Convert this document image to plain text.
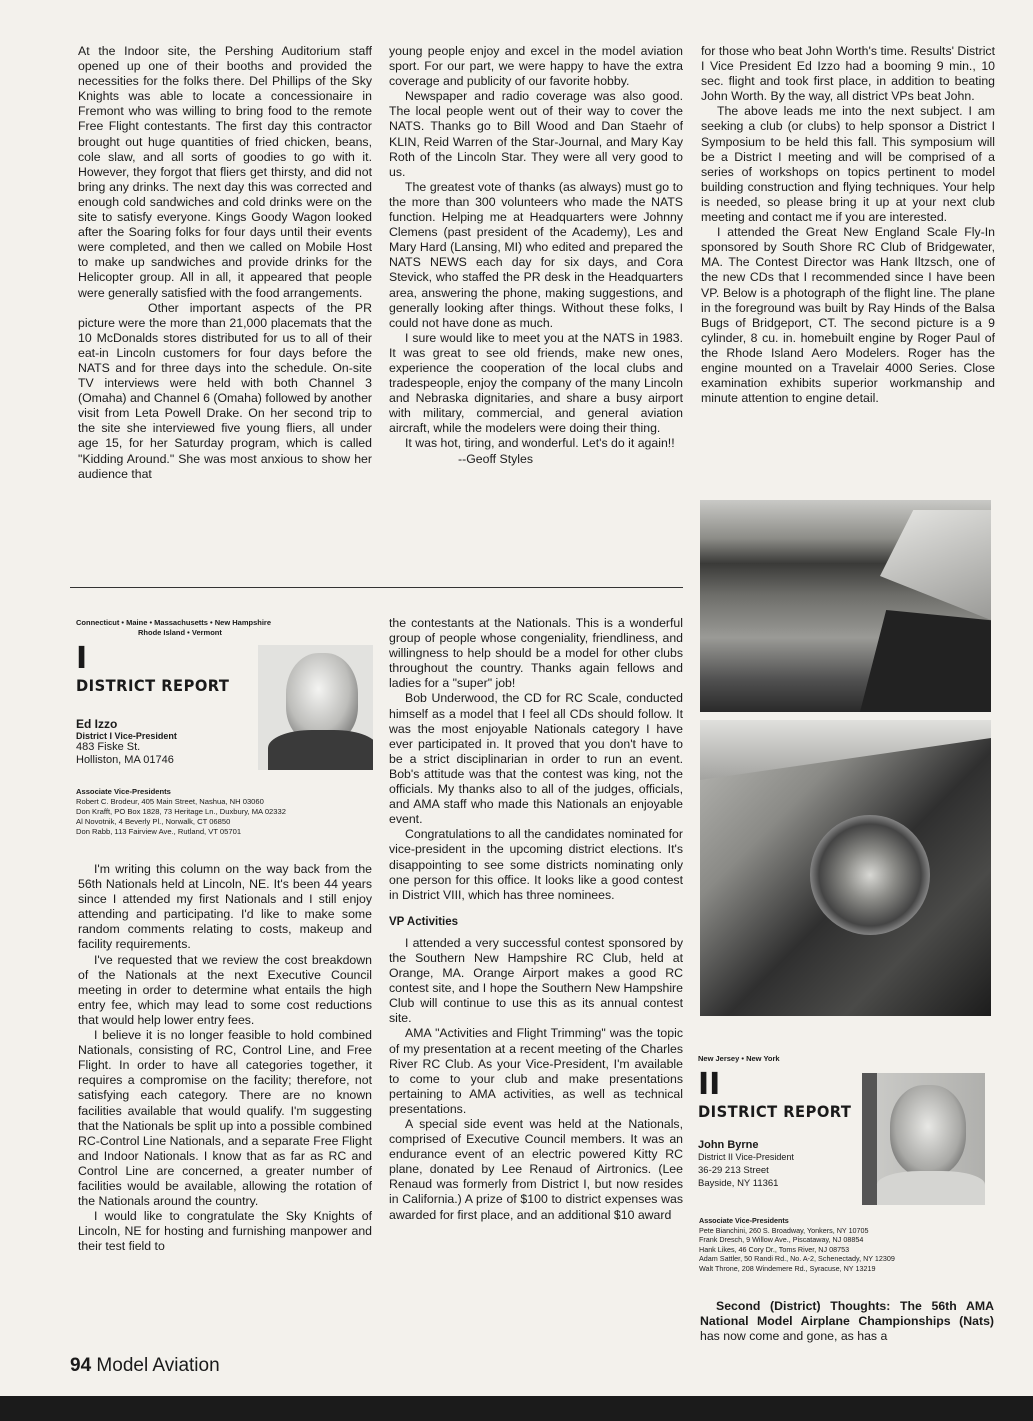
At the Indoor site, the Pershing Auditorium staff opened up one of their booths and provided the necessities for the folks there. Del Phillips of the Sky Knights was able to locate a concessionaire in Fremont who was willing to bring food to the remote Free Flight contestants. The first day this contractor brought out huge quantities of fried chicken, beans, cole slaw, and all sorts of goodies to go with it. However, they forgot that fliers get thirsty, and did not bring any drinks. The next day this was corrected and enough cold sandwiches and cold drinks were on the site to satisfy everyone. Kings Goody Wagon looked after the Soaring folks for four days until their events were completed, and then we called on Mobile Host to make up sandwiches and provide drinks for the Helicopter group. All in all, it appeared that people were generally satisfied with the food arrangements.

Other important aspects of the PR picture were the more than 21,000 placemats that the 10 McDonalds stores distributed for us to all of their eat-in Lincoln customers for four days before the NATS and for three days into the schedule. On-site TV interviews were held with both Channel 3 (Omaha) and Channel 6 (Omaha) followed by another visit from Leta Powell Drake. On her second trip to the site she interviewed five young fliers, all under age 15, for her Saturday program, which is called "Kidding Around." She was most anxious to show her audience that

young people enjoy and excel in the model aviation sport. For our part, we were happy to have the extra coverage and publicity of our favorite hobby.

Newspaper and radio coverage was also good. The local people went out of their way to cover the NATS. Thanks go to Bill Wood and Dan Staehr of KLIN, Reid Warren of the Star-Journal, and Mary Kay Roth of the Lincoln Star. They were all very good to us.

The greatest vote of thanks (as always) must go to the more than 300 volunteers who made the NATS function. Helping me at Headquarters were Johnny Clemens (past president of the Academy), Les and Mary Hard (Lansing, MI) who edited and prepared the NATS NEWS each day for six days, and Cora Stevick, who staffed the PR desk in the Headquarters area, answering the phone, making suggestions, and generally looking after things. Without these folks, I could not have done as much.

I sure would like to meet you at the NATS in 1983. It was great to see old friends, make new ones, experience the cooperation of the local clubs and tradespeople, enjoy the company of the many Lincoln and Nebraska dignitaries, and share a busy airport with military, commercial, and general aviation aircraft, while the modelers were doing their thing.

It was hot, tiring, and wonderful. Let's do it again!!

--Geoff Styles

for those who beat John Worth's time. Results' District I Vice President Ed Izzo had a booming 9 min., 10 sec. flight and took first place, in addition to beating John Worth. By the way, all district VPs beat John.

The above leads me into the next subject. I am seeking a club (or clubs) to help sponsor a District I Symposium to be held this fall. This symposium will be a District I meeting and will be comprised of a series of workshops on topics pertinent to model building construction and flying techniques. Your help is needed, so please bring it up at your next club meeting and contact me if you are interested.

I attended the Great New England Scale Fly-In sponsored by South Shore RC Club of Bridgewater, MA. The Contest Director was Hank Iltzsch, one of the new CDs that I recommended since I have been VP. Below is a photograph of the flight line. The plane in the foreground was built by Ray Hinds of the Balsa Bugs of Bridgeport, CT. The second picture is a 9 cylinder, 8 cu. in. homebuilt engine by Roger Paul of the Rhode Island Aero Modelers. Roger has the engine mounted on a Travelair 4000 Series. Close examination exhibits superior workmanship and minute attention to engine detail.

Connecticut • Maine • Massachusetts • New Hampshire
Rhode Island • Vermont
I
DISTRICT REPORT
Ed Izzo
District I Vice-President
483 Fiske St.
Holliston, MA 01746
Associate Vice-Presidents
Robert C. Brodeur, 405 Main Street, Nashua, NH 03060
Don Krafft, PO Box 1828, 73 Heritage Ln., Duxbury, MA 02332
Al Novotnik, 4 Beverly Pl., Norwalk, CT 06850
Don Rabb, 113 Fairview Ave., Rutland, VT 05701

I'm writing this column on the way back from the 56th Nationals held at Lincoln, NE. It's been 44 years since I attended my first Nationals and I still enjoy attending and participating. I'd like to make some random comments relating to costs, makeup and facility requirements.

I've requested that we review the cost breakdown of the Nationals at the next Executive Council meeting in order to determine what entails the high entry fee, which may lead to some cost reductions that would help lower entry fees.

I believe it is no longer feasible to hold combined Nationals, consisting of RC, Control Line, and Free Flight. In order to have all categories together, it requires a compromise on the facility; therefore, not satisfying each category. There are no known facilities available that would qualify. I'm suggesting that the Nationals be split up into a possible combined RC-Control Line Nationals, and a separate Free Flight and Indoor Nationals. I know that as far as RC and Control Line are concerned, a greater number of facilities would be available, allowing the rotation of the Nationals around the country.

I would like to congratulate the Sky Knights of Lincoln, NE for hosting and furnishing manpower and their test field to

the contestants at the Nationals. This is a wonderful group of people whose congeniality, friendliness, and willingness to help should be a model for other clubs throughout the country. Thanks again fellows and ladies for a "super" job!

Bob Underwood, the CD for RC Scale, conducted himself as a model that I feel all CDs should follow. It was the most enjoyable Nationals category I have ever participated in. It proved that you don't have to be a strict disciplinarian in order to run an event. Bob's attitude was that the contest was king, not the officials. My thanks also to all of the judges, officials, and AMA staff who made this Nationals an enjoyable event.

Congratulations to all the candidates nominated for vice-president in the upcoming district elections. It's disappointing to see some districts nominating only one person for this office. It looks like a good contest in District VIII, which has three nominees.

VP Activities

I attended a very successful contest sponsored by the Southern New Hampshire RC Club, held at Orange, MA. Orange Airport makes a good RC contest site, and I hope the Southern New Hampshire Club will continue to use this as its annual contest site.

AMA "Activities and Flight Trimming" was the topic of my presentation at a recent meeting of the Charles River RC Club. As your Vice-President, I'm available to come to your club and make presentations pertaining to AMA activities, as well as technical presentations.

A special side event was held at the Nationals, comprised of Executive Council members. It was an endurance event of an electric powered Kitty RC plane, donated by Lee Renaud of Airtronics. (Lee Renaud was formerly from District I, but now resides in California.) A prize of $100 to district expenses was awarded for first place, and an additional $10 award

New Jersey • New York
II
DISTRICT REPORT
John Byrne
District II Vice-President
36-29 213 Street
Bayside, NY 11361
Associate Vice-Presidents
Pete Bianchini, 260 S. Broadway, Yonkers, NY 10705
Frank Dresch, 9 Willow Ave., Piscataway, NJ 08854
Hank Likes, 46 Cory Dr., Toms River, NJ 08753
Adam Sattler, 50 Randi Rd., No. A-2, Schenectady, NY 12309
Walt Throne, 208 Windemere Rd., Syracuse, NY 13219

Second (District) Thoughts: The 56th AMA National Model Airplane Championships (Nats) has now come and gone, as has a

94 Model Aviation
